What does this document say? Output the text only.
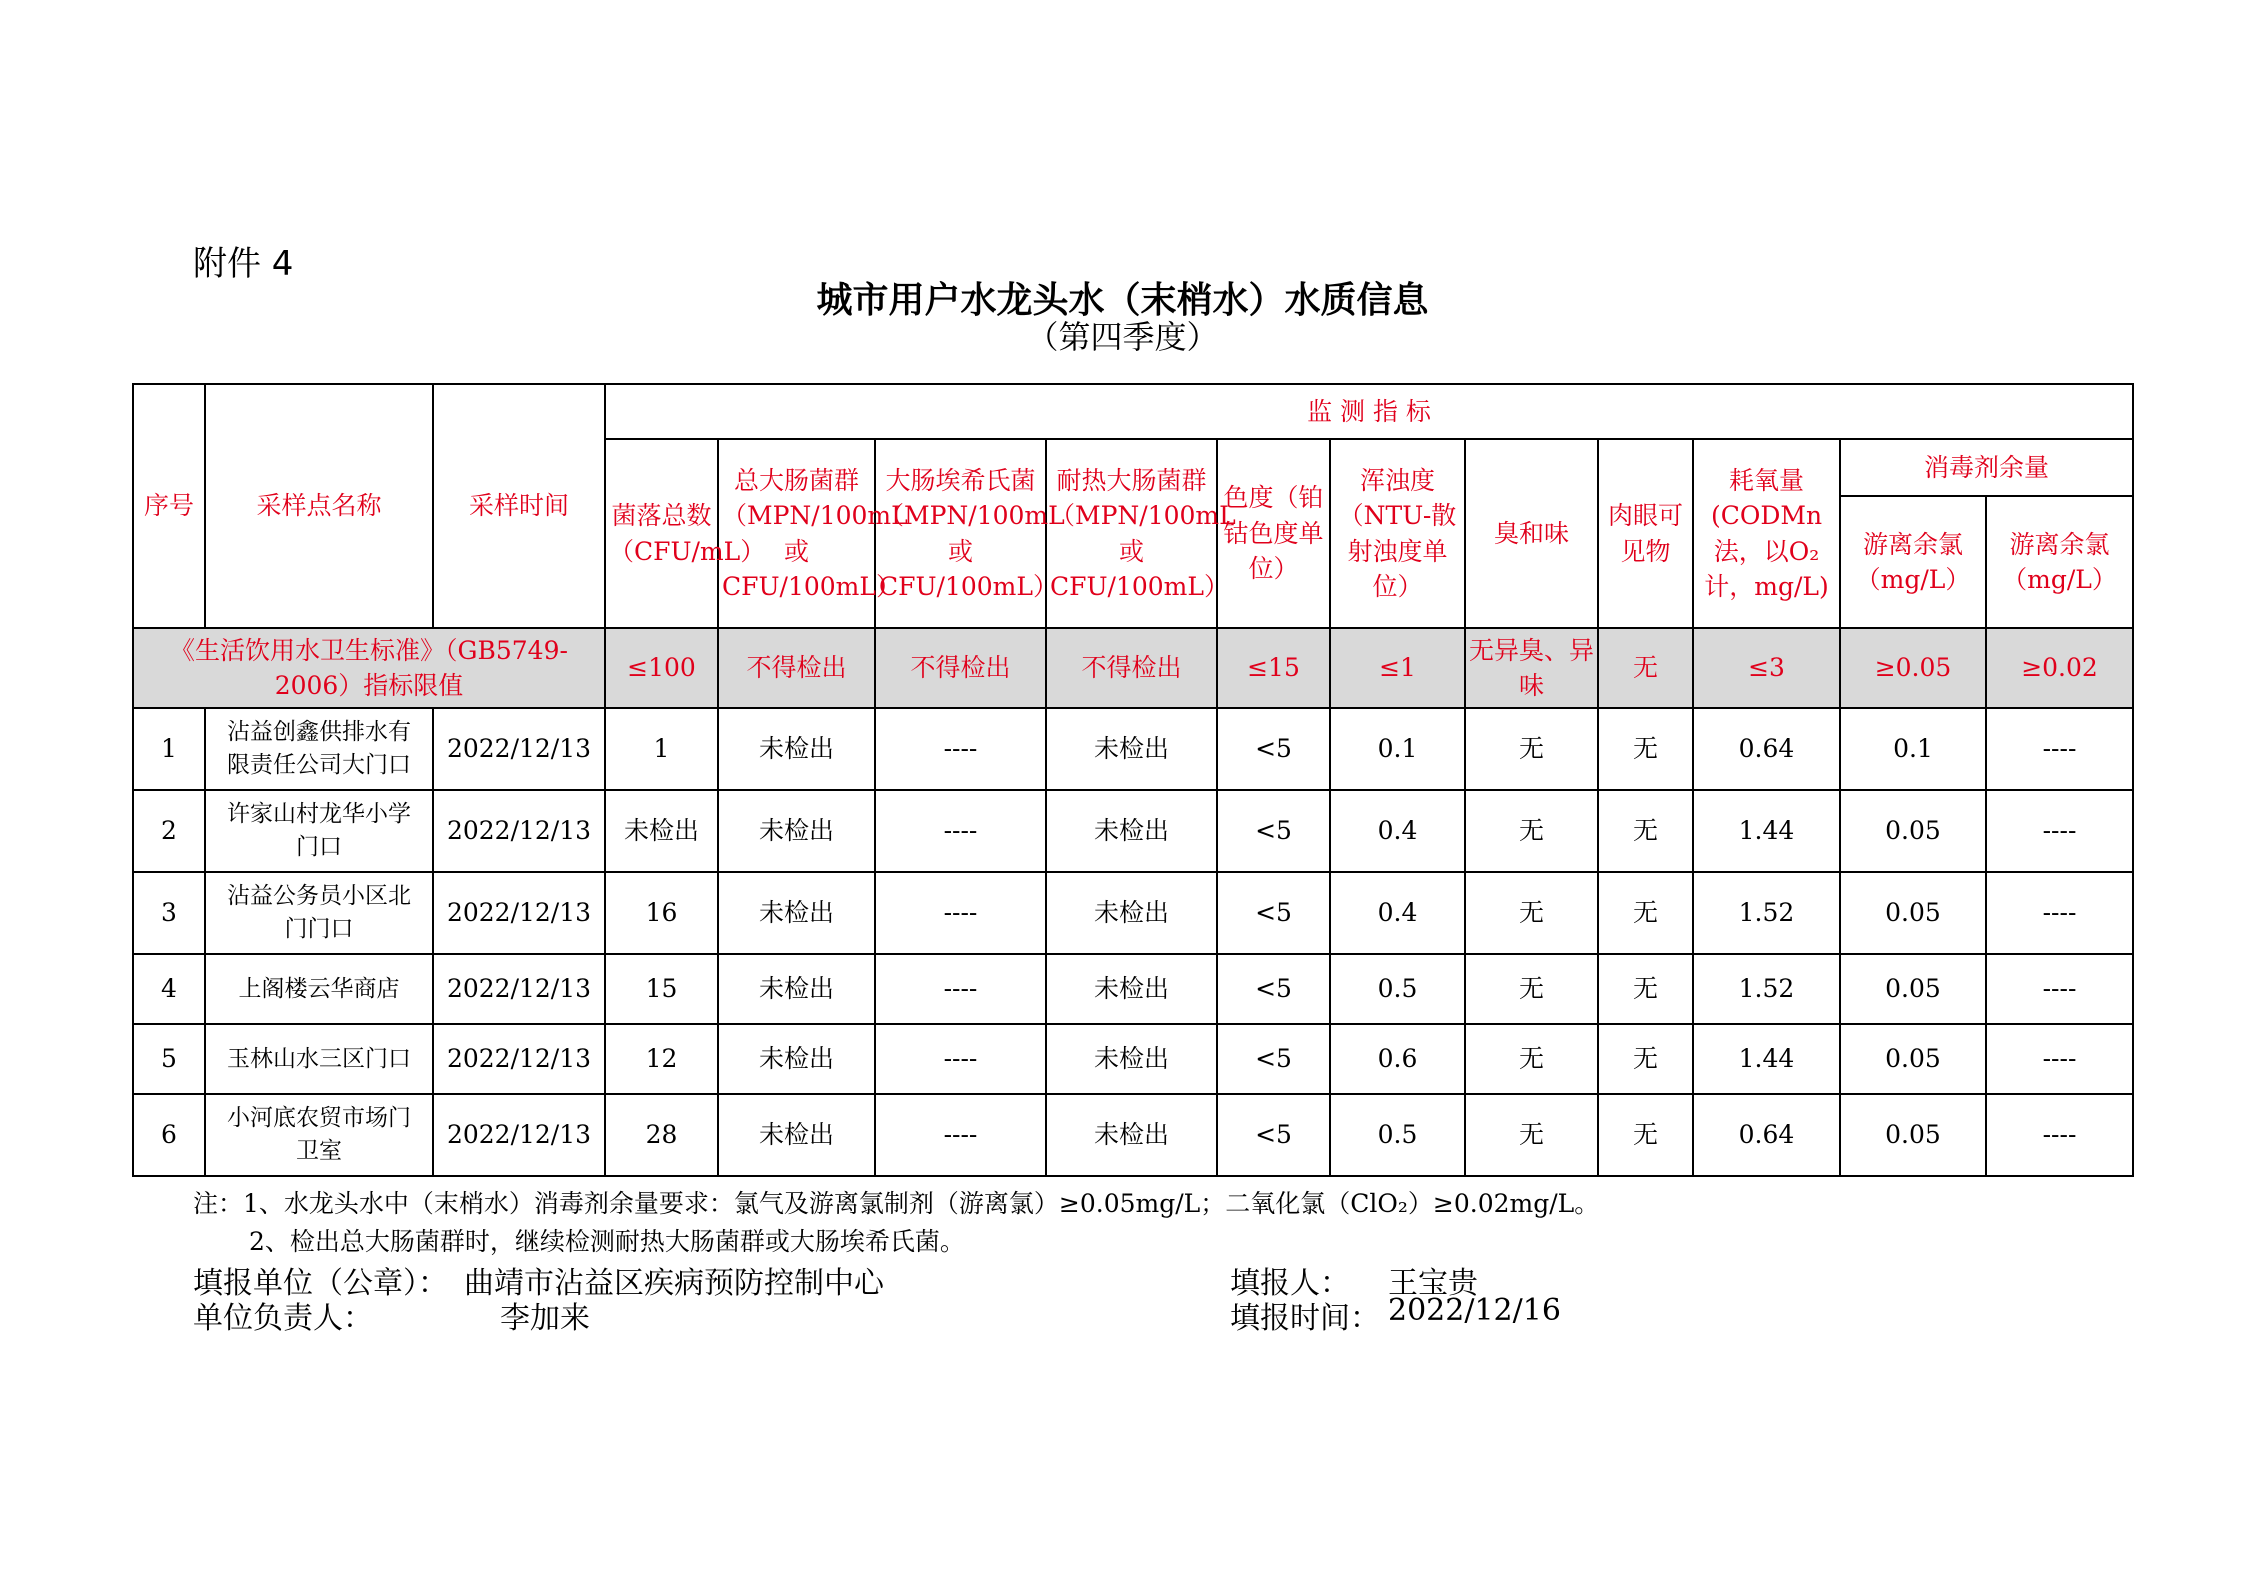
附件 4
城市用户水龙头水（末梢水）水质信息
（第四季度）
序号	采样点名称	采样时间	监 测 指 标										
			菌落总数（CFU/mL）	总大肠菌群（MPN/100mL或CFU/100mL）	大肠埃希氏菌（MPN/100mL或CFU/100mL）	耐热大肠菌群（MPN/100mL或CFU/100mL）	色度（铂钴色度单位）	浑浊度（NTU-散射浊度单位）	臭和味	肉眼可见物	耗氧量(CODMn法，以O₂计，mg/L)	消毒剂余量	
												游离余氯（mg/L）	游离余氯（mg/L）
《生活饮用水卫生标准》（GB5749-2006）指标限值			≤100	不得检出	不得检出	不得检出	≤15	≤1	无异臭、异味	无	≤3	≥0.05	≥0.02
1	沾益创鑫供排水有限责任公司大门口	2022/12/13	1	未检出	----	未检出	<5	0.1	无	无	0.64	0.1	----
2	许家山村龙华小学门口	2022/12/13	未检出	未检出	----	未检出	<5	0.4	无	无	1.44	0.05	----
3	沾益公务员小区北门门口	2022/12/13	16	未检出	----	未检出	<5	0.4	无	无	1.52	0.05	----
4	上阁楼云华商店	2022/12/13	15	未检出	----	未检出	<5	0.5	无	无	1.52	0.05	----
5	玉林山水三区门口	2022/12/13	12	未检出	----	未检出	<5	0.6	无	无	1.44	0.05	----
6	小河底农贸市场门卫室	2022/12/13	28	未检出	----	未检出	<5	0.5	无	无	0.64	0.05	----
注：1、水龙头水中（末梢水）消毒剂余量要求：氯气及游离氯制剂（游离氯）≥0.05mg/L；二氧化氯（ClO₂）≥0.02mg/L。
2、检出总大肠菌群时，继续检测耐热大肠菌群或大肠埃希氏菌。
填报单位（公章）： 曲靖市沾益区疾病预防控制中心	填报人： 王宝贵
单位负责人：	李加来	填报时间： 2022/12/16
